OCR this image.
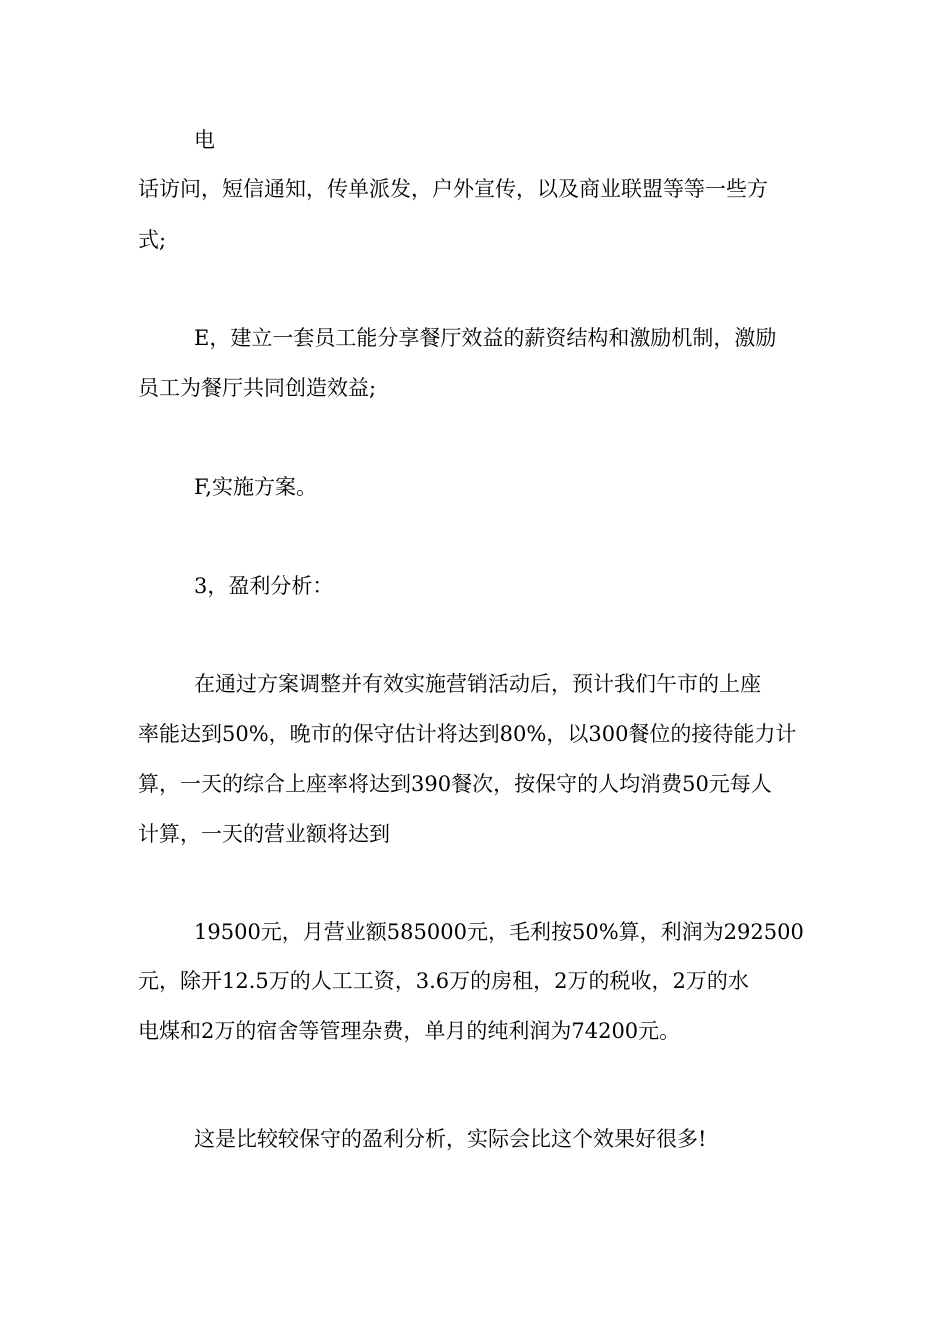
电
话访问，短信通知，传单派发，户外宣传，以及商业联盟等等一些方
式;
E，建立一套员工能分享餐厅效益的薪资结构和激励机制，激励
员工为餐厅共同创造效益;
F,实施方案。
3，盈利分析：
在通过方案调整并有效实施营销活动后，预计我们午市的上座
率能达到50%，晚市的保守估计将达到80%，以300餐位的接待能力计
算，一天的综合上座率将达到390餐次，按保守的人均消费50元每人
计算，一天的营业额将达到
19500元，月营业额585000元，毛利按50%算，利润为292500
元，除开12.5万的人工工资，3.6万的房租，2万的税收，2万的水
电煤和2万的宿舍等管理杂费，单月的纯利润为74200元。
这是比较较保守的盈利分析，实际会比这个效果好很多!
